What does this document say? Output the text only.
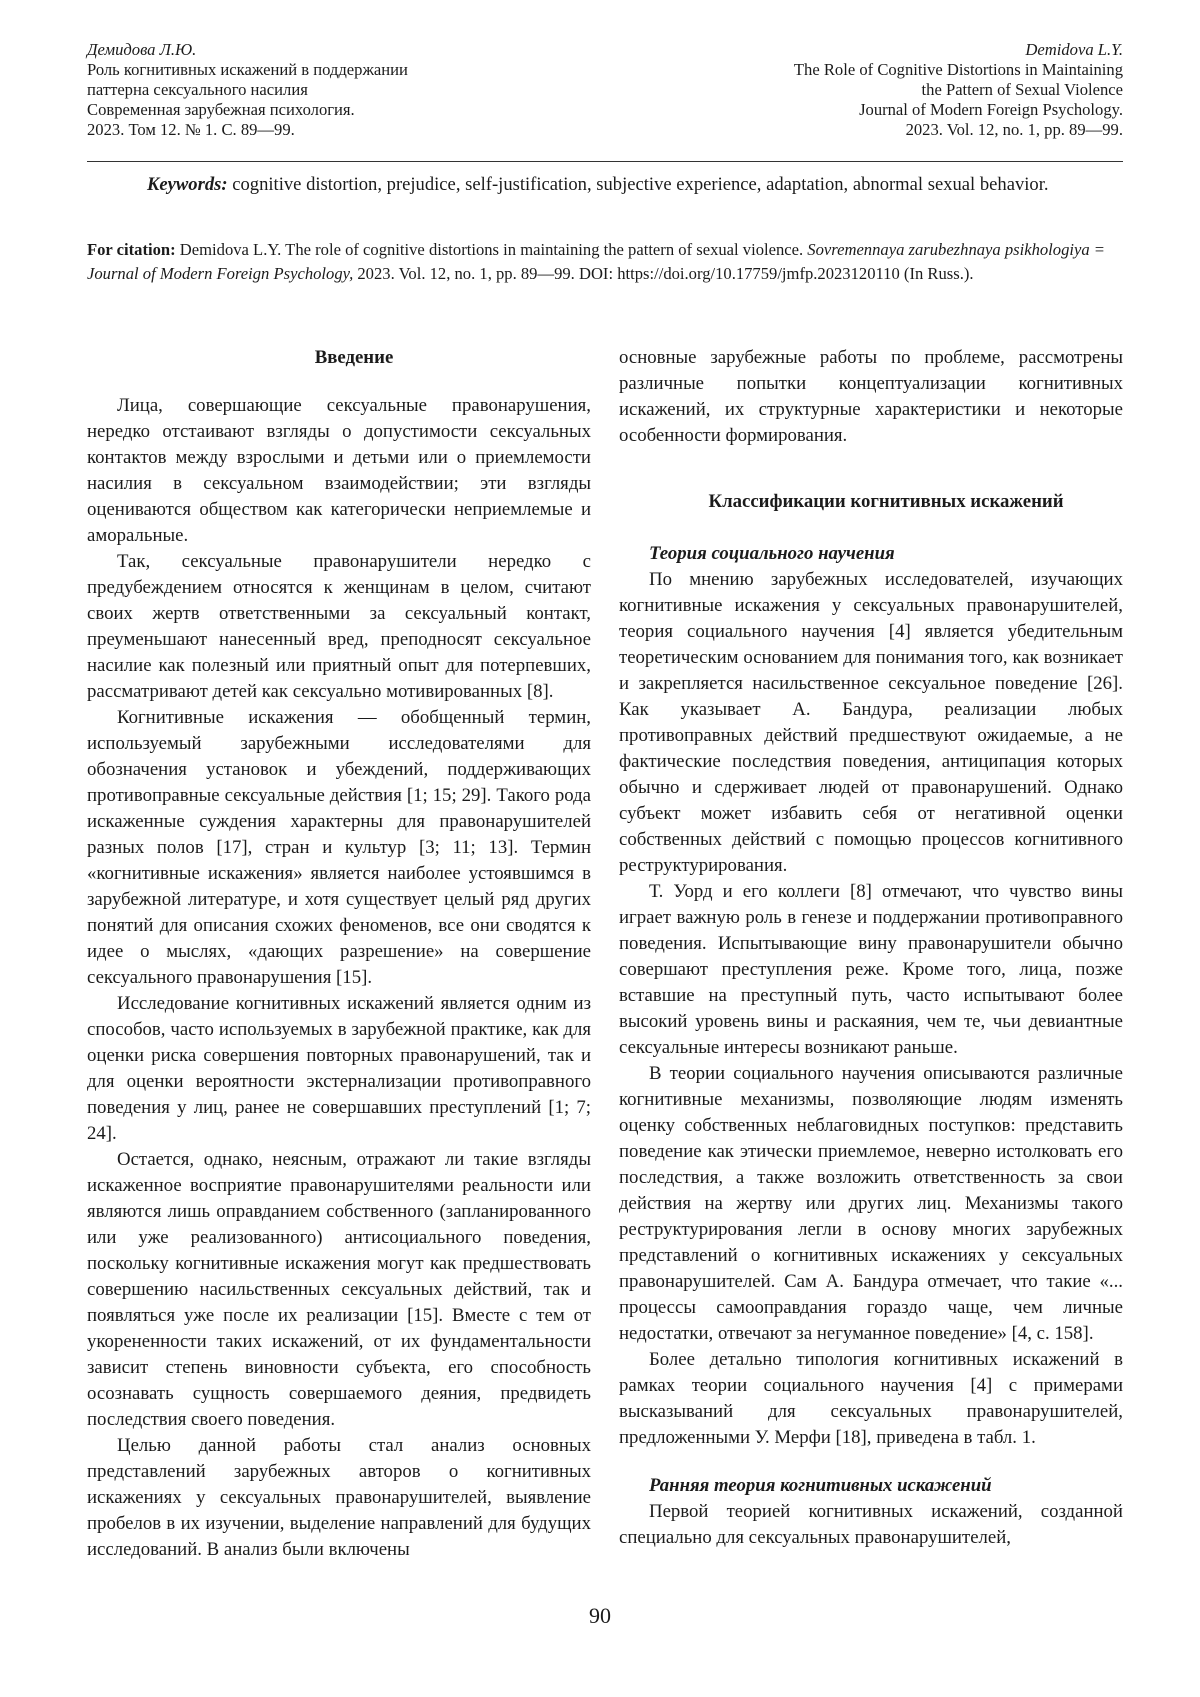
Демидова Л.Ю.
Роль когнитивных искажений в поддержании
паттерна сексуального насилия
Современная зарубежная психология.
2023. Том 12. № 1. С. 89—99.
Demidova L.Y.
The Role of Cognitive Distortions in Maintaining
the Pattern of Sexual Violence
Journal of Modern Foreign Psychology.
2023. Vol. 12, no. 1, pp. 89—99.

Keywords: cognitive distortion, prejudice, self-justification, subjective experience, adaptation, abnormal sexual behavior.

For citation: Demidova L.Y. The role of cognitive distortions in maintaining the pattern of sexual violence. Sovremennaya zarubezhnaya psikhologiya = Journal of Modern Foreign Psychology, 2023. Vol. 12, no. 1, pp. 89—99. DOI: https://doi.org/10.17759/jmfp.2023120110 (In Russ.).

Введение

Лица, совершающие сексуальные правонарушения, нередко отстаивают взгляды о допустимости сексуальных контактов между взрослыми и детьми или о приемлемости насилия в сексуальном взаимодействии; эти взгляды оцениваются обществом как категорически неприемлемые и аморальные.

Так, сексуальные правонарушители нередко с предубеждением относятся к женщинам в целом, считают своих жертв ответственными за сексуальный контакт, преуменьшают нанесенный вред, преподносят сексуальное насилие как полезный или приятный опыт для потерпевших, рассматривают детей как сексуально мотивированных [8].

Когнитивные искажения — обобщенный термин, используемый зарубежными исследователями для обозначения установок и убеждений, поддерживающих противоправные сексуальные действия [1; 15; 29]. Такого рода искаженные суждения характерны для правонарушителей разных полов [17], стран и культур [3; 11; 13]. Термин «когнитивные искажения» является наиболее устоявшимся в зарубежной литературе, и хотя существует целый ряд других понятий для описания схожих феноменов, все они сводятся к идее о мыслях, «дающих разрешение» на совершение сексуального правонарушения [15].

Исследование когнитивных искажений является одним из способов, часто используемых в зарубежной практике, как для оценки риска совершения повторных правонарушений, так и для оценки вероятности экстернализации противоправного поведения у лиц, ранее не совершавших преступлений [1; 7; 24].

Остается, однако, неясным, отражают ли такие взгляды искаженное восприятие правонарушителями реальности или являются лишь оправданием собственного (запланированного или уже реализованного) антисоциального поведения, поскольку когнитивные искажения могут как предшествовать совершению насильственных сексуальных действий, так и появляться уже после их реализации [15]. Вместе с тем от укорененности таких искажений, от их фундаментальности зависит степень виновности субъекта, его способность осознавать сущность совершаемого деяния, предвидеть последствия своего поведения.

Целью данной работы стал анализ основных представлений зарубежных авторов о когнитивных искажениях у сексуальных правонарушителей, выявление пробелов в их изучении, выделение направлений для будущих исследований. В анализ были включены

основные зарубежные работы по проблеме, рассмотрены различные попытки концептуализации когнитивных искажений, их структурные характеристики и некоторые особенности формирования.

Классификации когнитивных искажений

Теория социального научения

По мнению зарубежных исследователей, изучающих когнитивные искажения у сексуальных правонарушителей, теория социального научения [4] является убедительным теоретическим основанием для понимания того, как возникает и закрепляется насильственное сексуальное поведение [26]. Как указывает А. Бандура, реализации любых противоправных действий предшествуют ожидаемые, а не фактические последствия поведения, антиципация которых обычно и сдерживает людей от правонарушений. Однако субъект может избавить себя от негативной оценки собственных действий с помощью процессов когнитивного реструктурирования.

Т. Уорд и его коллеги [8] отмечают, что чувство вины играет важную роль в генезе и поддержании противоправного поведения. Испытывающие вину правонарушители обычно совершают преступления реже. Кроме того, лица, позже вставшие на преступный путь, часто испытывают более высокий уровень вины и раскаяния, чем те, чьи девиантные сексуальные интересы возникают раньше.

В теории социального научения описываются различные когнитивные механизмы, позволяющие людям изменять оценку собственных неблаговидных поступков: представить поведение как этически приемлемое, неверно истолковать его последствия, а также возложить ответственность за свои действия на жертву или других лиц. Механизмы такого реструктурирования легли в основу многих зарубежных представлений о когнитивных искажениях у сексуальных правонарушителей. Сам А. Бандура отмечает, что такие «... процессы самооправдания гораздо чаще, чем личные недостатки, отвечают за негуманное поведение» [4, с. 158].

Более детально типология когнитивных искажений в рамках теории социального научения [4] с примерами высказываний для сексуальных правонарушителей, предложенными У. Мерфи [18], приведена в табл. 1.

Ранняя теория когнитивных искажений

Первой теорией когнитивных искажений, созданной специально для сексуальных правонарушителей,

90
